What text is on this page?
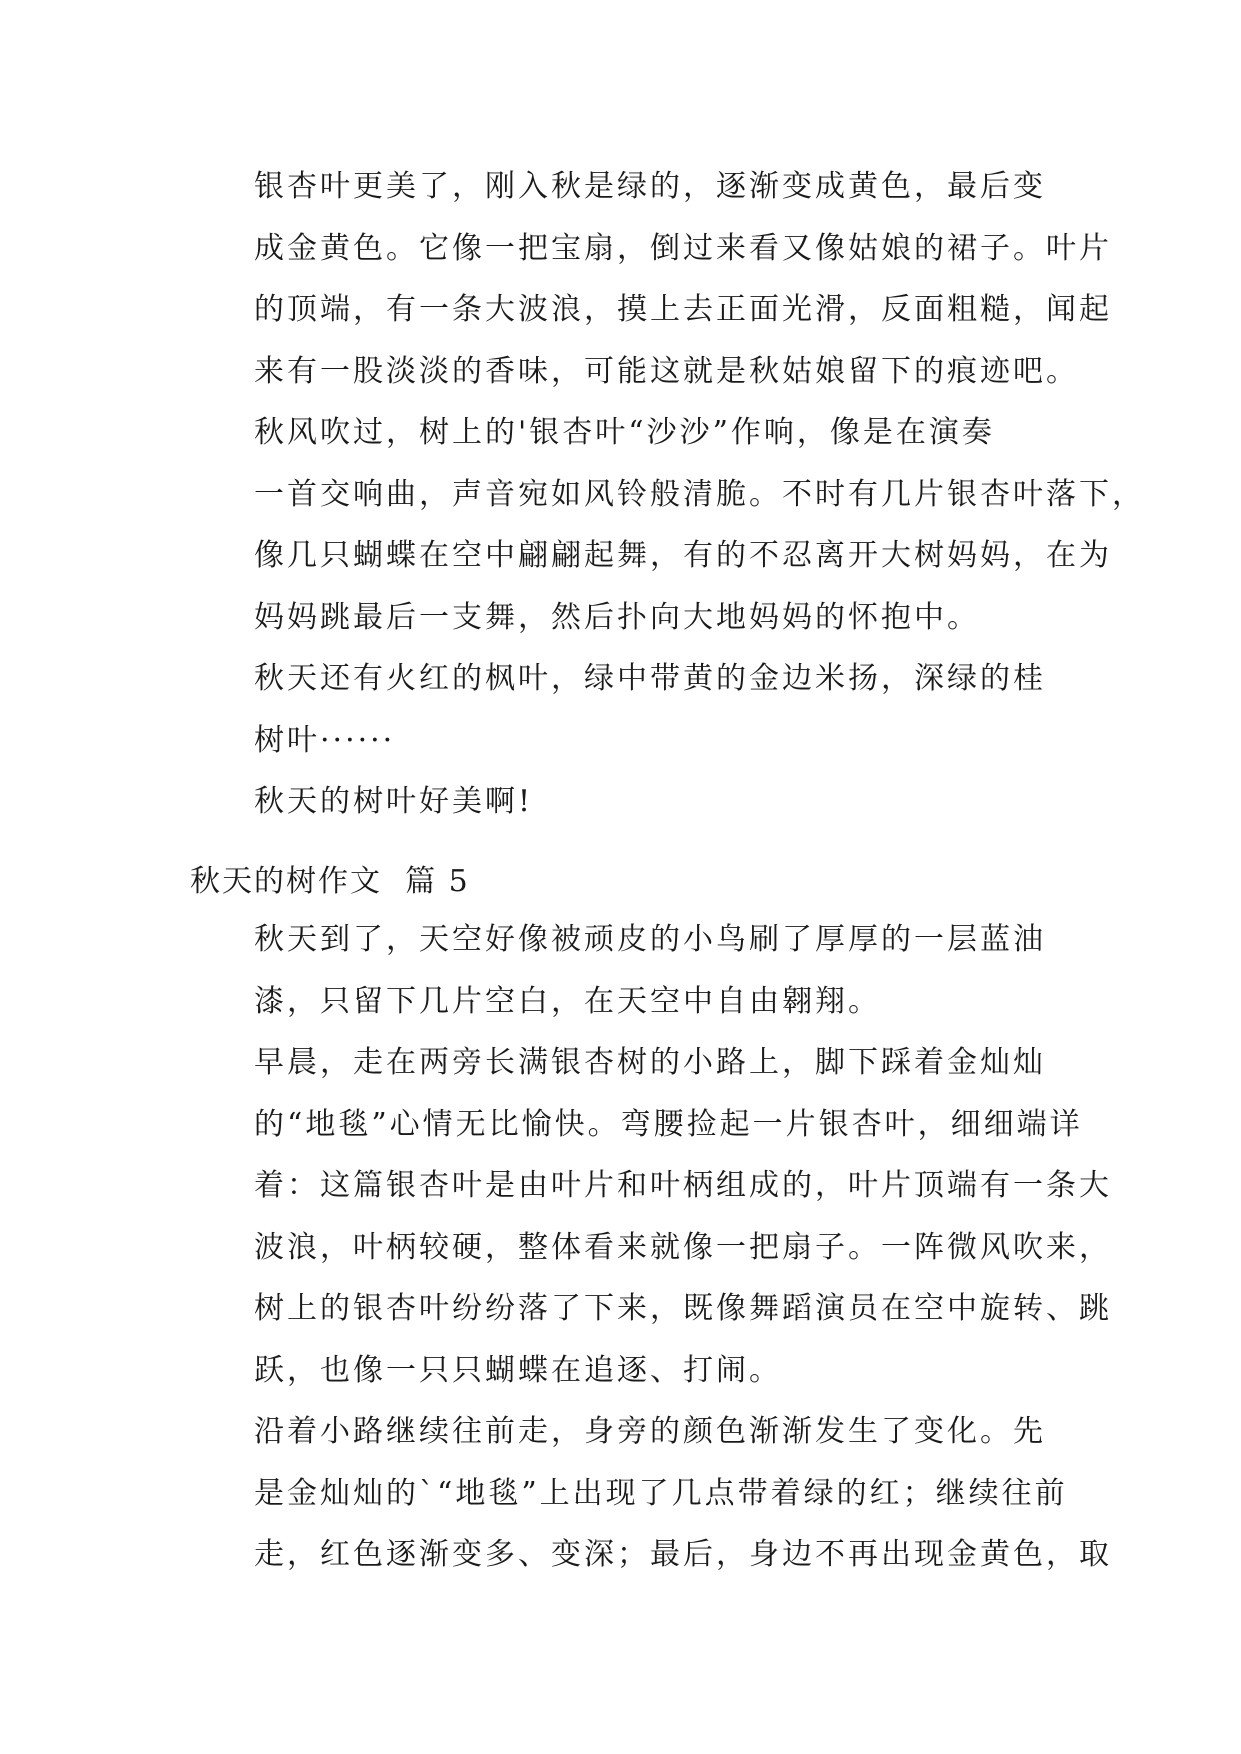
银杏叶更美了，刚入秋是绿的，逐渐变成黄色，最后变
成金黄色。它像一把宝扇，倒过来看又像姑娘的裙子。叶片
的顶端，有一条大波浪，摸上去正面光滑，反面粗糙，闻起
来有一股淡淡的香味，可能这就是秋姑娘留下的痕迹吧。

秋风吹过，树上的'银杏叶“沙沙”作响，像是在演奏
一首交响曲，声音宛如风铃般清脆。不时有几片银杏叶落下，
像几只蝴蝶在空中翩翩起舞，有的不忍离开大树妈妈，在为
妈妈跳最后一支舞，然后扑向大地妈妈的怀抱中。

秋天还有火红的枫叶，绿中带黄的金边米扬，深绿的桂
树叶······

秋天的树叶好美啊!

秋天的树作文  篇 5

秋天到了，天空好像被顽皮的小鸟刷了厚厚的一层蓝油
漆，只留下几片空白，在天空中自由翱翔。

早晨，走在两旁长满银杏树的小路上，脚下踩着金灿灿
的“地毯”心情无比愉快。弯腰捡起一片银杏叶，细细端详
着：这篇银杏叶是由叶片和叶柄组成的，叶片顶端有一条大
波浪，叶柄较硬，整体看来就像一把扇子。一阵微风吹来，
树上的银杏叶纷纷落了下来，既像舞蹈演员在空中旋转、跳
跃，也像一只只蝴蝶在追逐、打闹。

沿着小路继续往前走，身旁的颜色渐渐发生了变化。先
是金灿灿的`“地毯”上出现了几点带着绿的红；继续往前
走，红色逐渐变多、变深；最后，身边不再出现金黄色，取
